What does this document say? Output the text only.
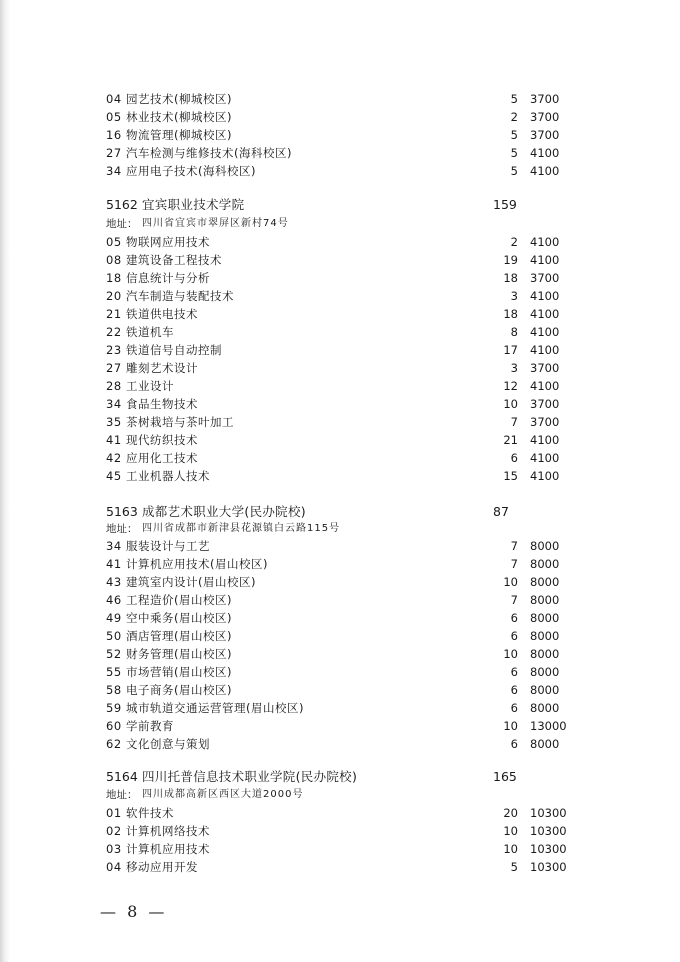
04 园艺技术(柳城校区)	5 3700
05 林业技术(柳城校区)	2 3700
16 物流管理(柳城校区)	5 3700
27 汽车检测与维修技术(海科校区)	5 4100
34 应用电子技术(海科校区)	5 4100
5162 宜宾职业技术学院	159
地址： 四川省宜宾市翠屏区新村74号
05 物联网应用技术	2 4100
08 建筑设备工程技术	19 4100
18 信息统计与分析	18 3700
20 汽车制造与装配技术	3 4100
21 铁道供电技术	18 4100
22 铁道机车	8 4100
23 铁道信号自动控制	17 4100
27 雕刻艺术设计	3 3700
28 工业设计	12 4100
34 食品生物技术	10 3700
35 茶树栽培与茶叶加工	7 3700
41 现代纺织技术	21 4100
42 应用化工技术	6 4100
45 工业机器人技术	15 4100
5163 成都艺术职业大学(民办院校)	87
地址： 四川省成都市新津县花源镇白云路115号
34 服装设计与工艺	7 8000
41 计算机应用技术(眉山校区)	7 8000
43 建筑室内设计(眉山校区)	10 8000
46 工程造价(眉山校区)	7 8000
49 空中乘务(眉山校区)	6 8000
50 酒店管理(眉山校区)	6 8000
52 财务管理(眉山校区)	10 8000
55 市场营销(眉山校区)	6 8000
58 电子商务(眉山校区)	6 8000
59 城市轨道交通运营管理(眉山校区)	6 8000
60 学前教育	10 13000
62 文化创意与策划	6 8000
5164 四川托普信息技术职业学院(民办院校)	165
地址： 四川成都高新区西区大道2000号
01 软件技术	20 10300
02 计算机网络技术	10 10300
03 计算机应用技术	10 10300
04 移动应用开发	5 10300
— 8 —
